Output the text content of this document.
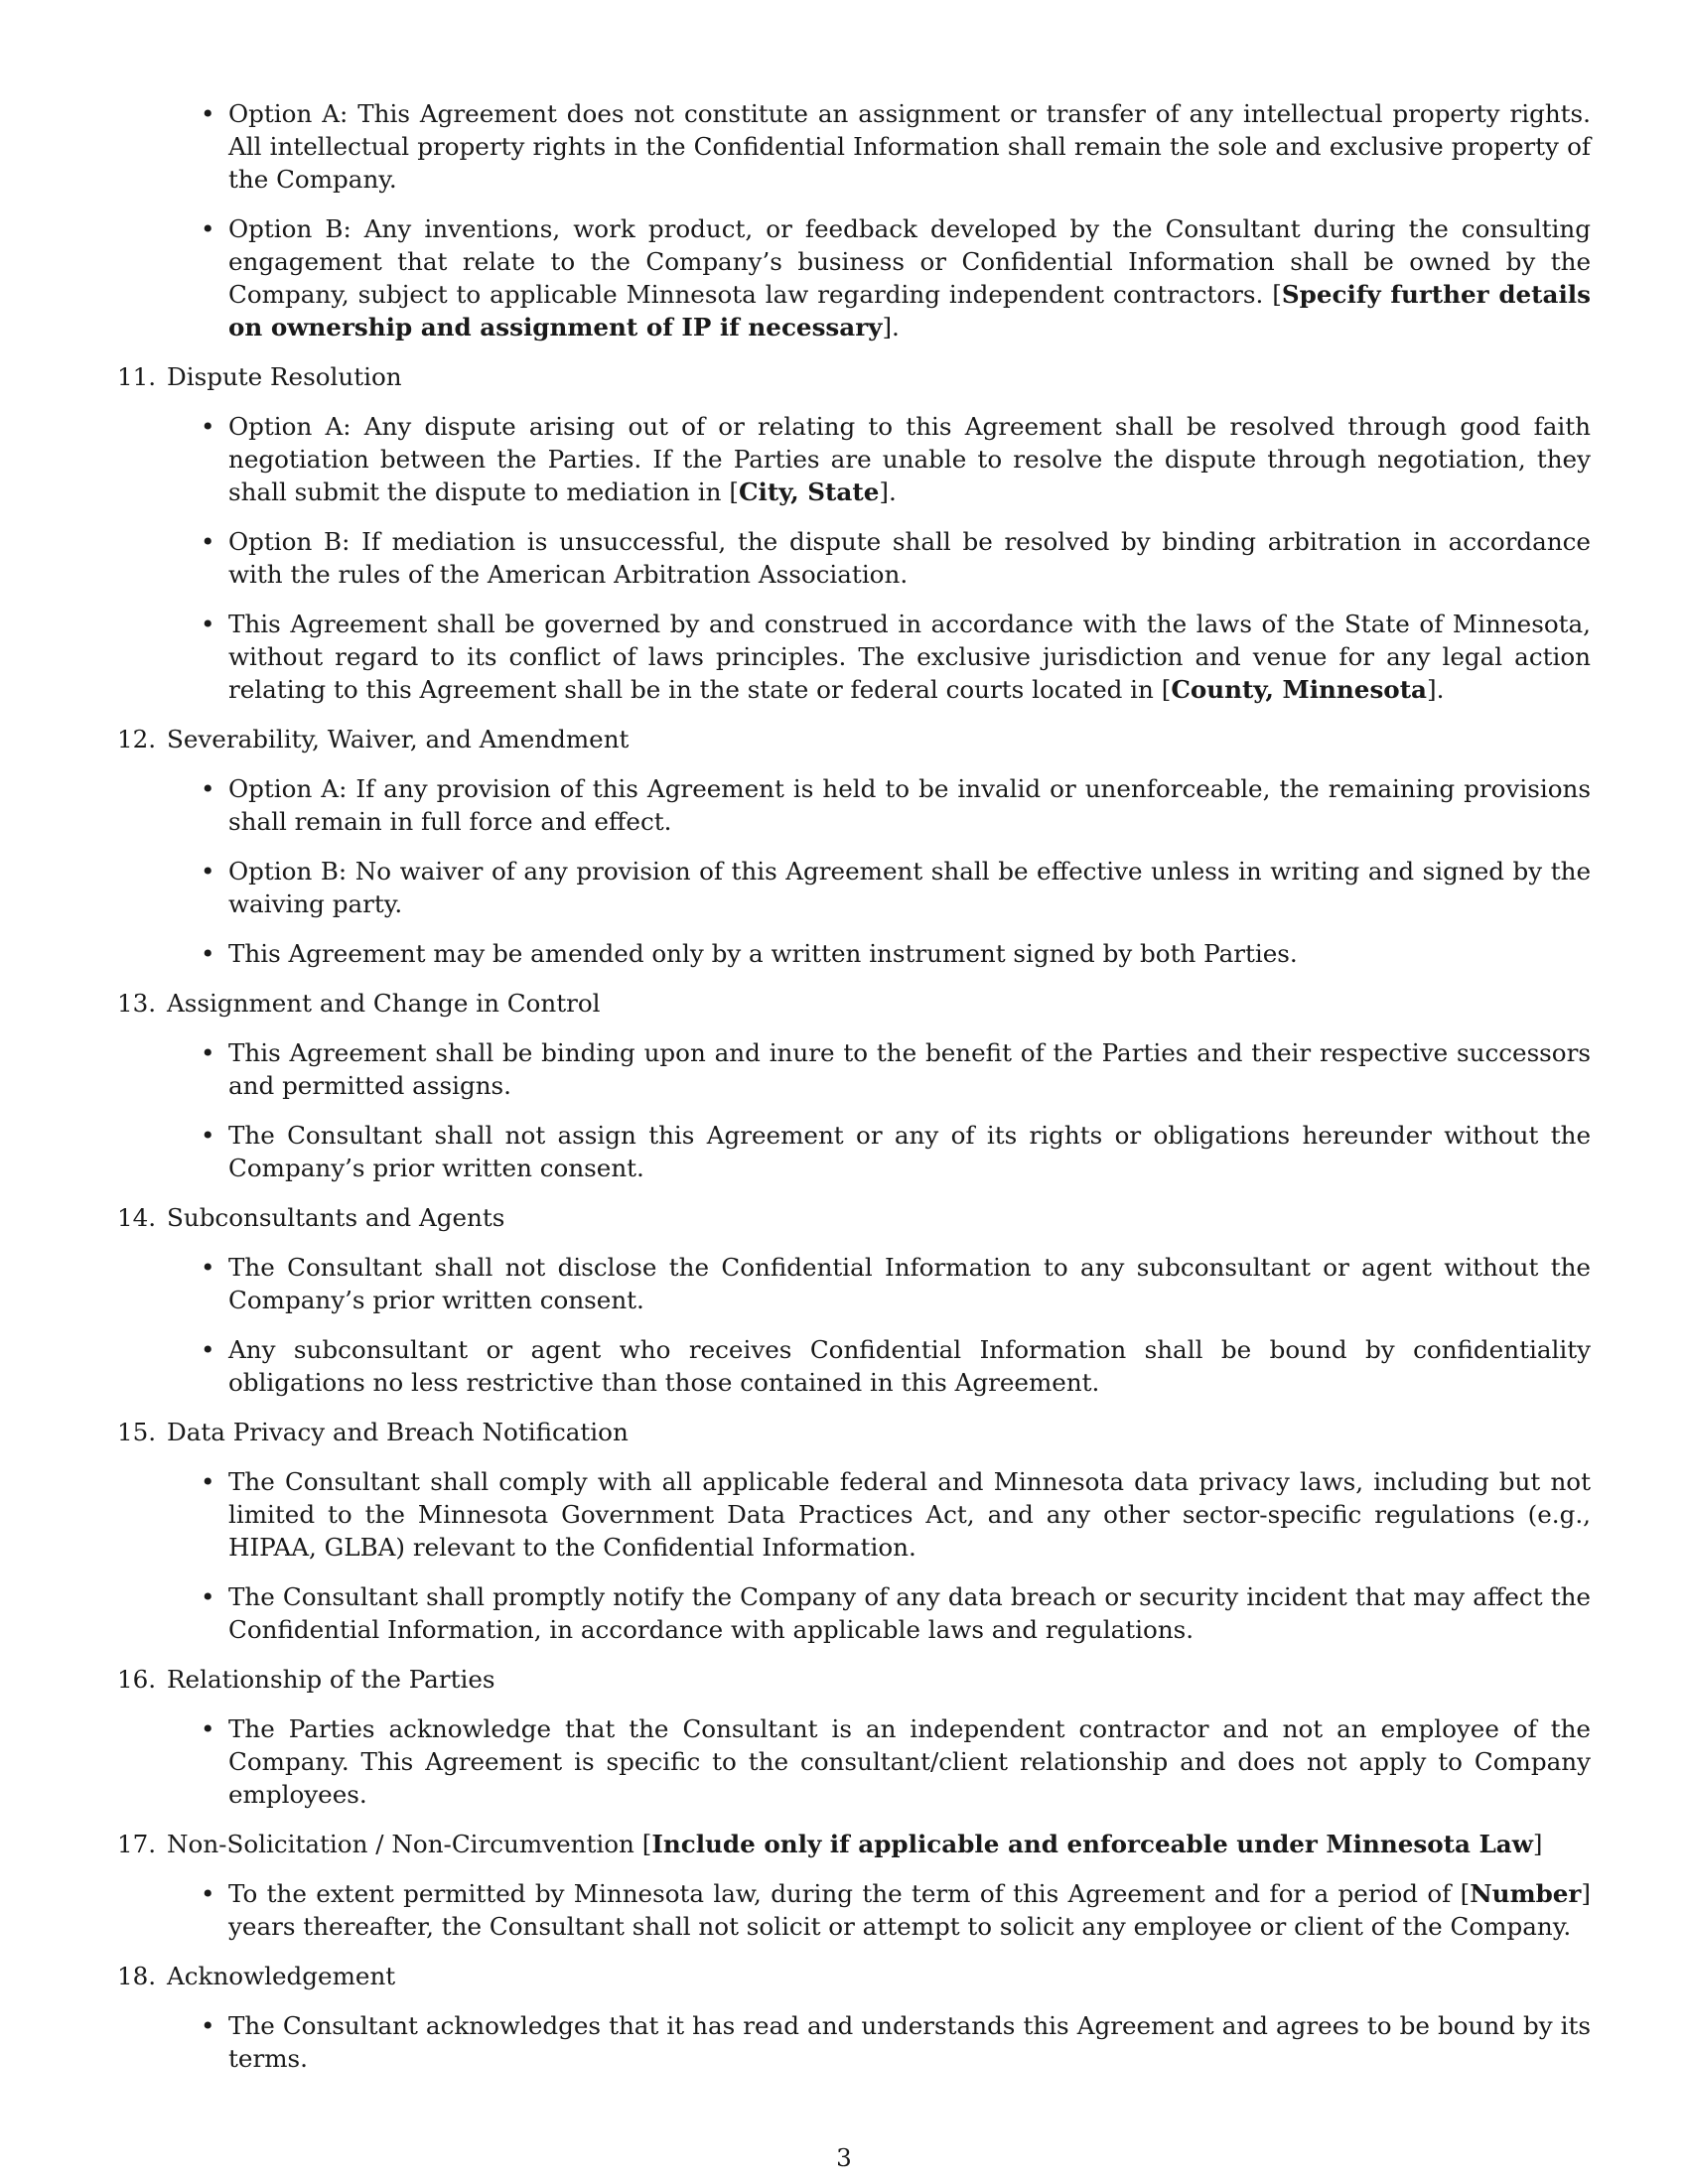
• Option A: This Agreement does not constitute an assignment or transfer of any intellectual property rights. All intellectual property rights in the Confidential Information shall remain the sole and exclusive property of the Company.
• Option B: Any inventions, work product, or feedback developed by the Consultant during the consulting engagement that relate to the Company’s business or Confidential Information shall be owned by the Company, subject to applicable Minnesota law regarding independent contractors. [Specify further details on ownership and assignment of IP if necessary].
11. Dispute Resolution
• Option A: Any dispute arising out of or relating to this Agreement shall be resolved through good faith negotiation between the Parties. If the Parties are unable to resolve the dispute through negotiation, they shall submit the dispute to mediation in [City, State].
• Option B: If mediation is unsuccessful, the dispute shall be resolved by binding arbitration in accordance with the rules of the American Arbitration Association.
• This Agreement shall be governed by and construed in accordance with the laws of the State of Minnesota, without regard to its conflict of laws principles. The exclusive jurisdiction and venue for any legal action relating to this Agreement shall be in the state or federal courts located in [County, Minnesota].
12. Severability, Waiver, and Amendment
• Option A: If any provision of this Agreement is held to be invalid or unenforceable, the remaining provisions shall remain in full force and effect.
• Option B: No waiver of any provision of this Agreement shall be effective unless in writing and signed by the waiving party.
• This Agreement may be amended only by a written instrument signed by both Parties.
13. Assignment and Change in Control
• This Agreement shall be binding upon and inure to the benefit of the Parties and their respective successors and permitted assigns.
• The Consultant shall not assign this Agreement or any of its rights or obligations hereunder without the Company’s prior written consent.
14. Subconsultants and Agents
• The Consultant shall not disclose the Confidential Information to any subconsultant or agent without the Company’s prior written consent.
• Any subconsultant or agent who receives Confidential Information shall be bound by confidentiality obligations no less restrictive than those contained in this Agreement.
15. Data Privacy and Breach Notification
• The Consultant shall comply with all applicable federal and Minnesota data privacy laws, including but not limited to the Minnesota Government Data Practices Act, and any other sector-specific regulations (e.g., HIPAA, GLBA) relevant to the Confidential Information.
• The Consultant shall promptly notify the Company of any data breach or security incident that may affect the Confidential Information, in accordance with applicable laws and regulations.
16. Relationship of the Parties
• The Parties acknowledge that the Consultant is an independent contractor and not an employee of the Company. This Agreement is specific to the consultant/client relationship and does not apply to Company employees.
17. Non-Solicitation / Non-Circumvention [Include only if applicable and enforceable under Minnesota Law]
• To the extent permitted by Minnesota law, during the term of this Agreement and for a period of [Number] years thereafter, the Consultant shall not solicit or attempt to solicit any employee or client of the Company.
18. Acknowledgement
• The Consultant acknowledges that it has read and understands this Agreement and agrees to be bound by its terms.
3
